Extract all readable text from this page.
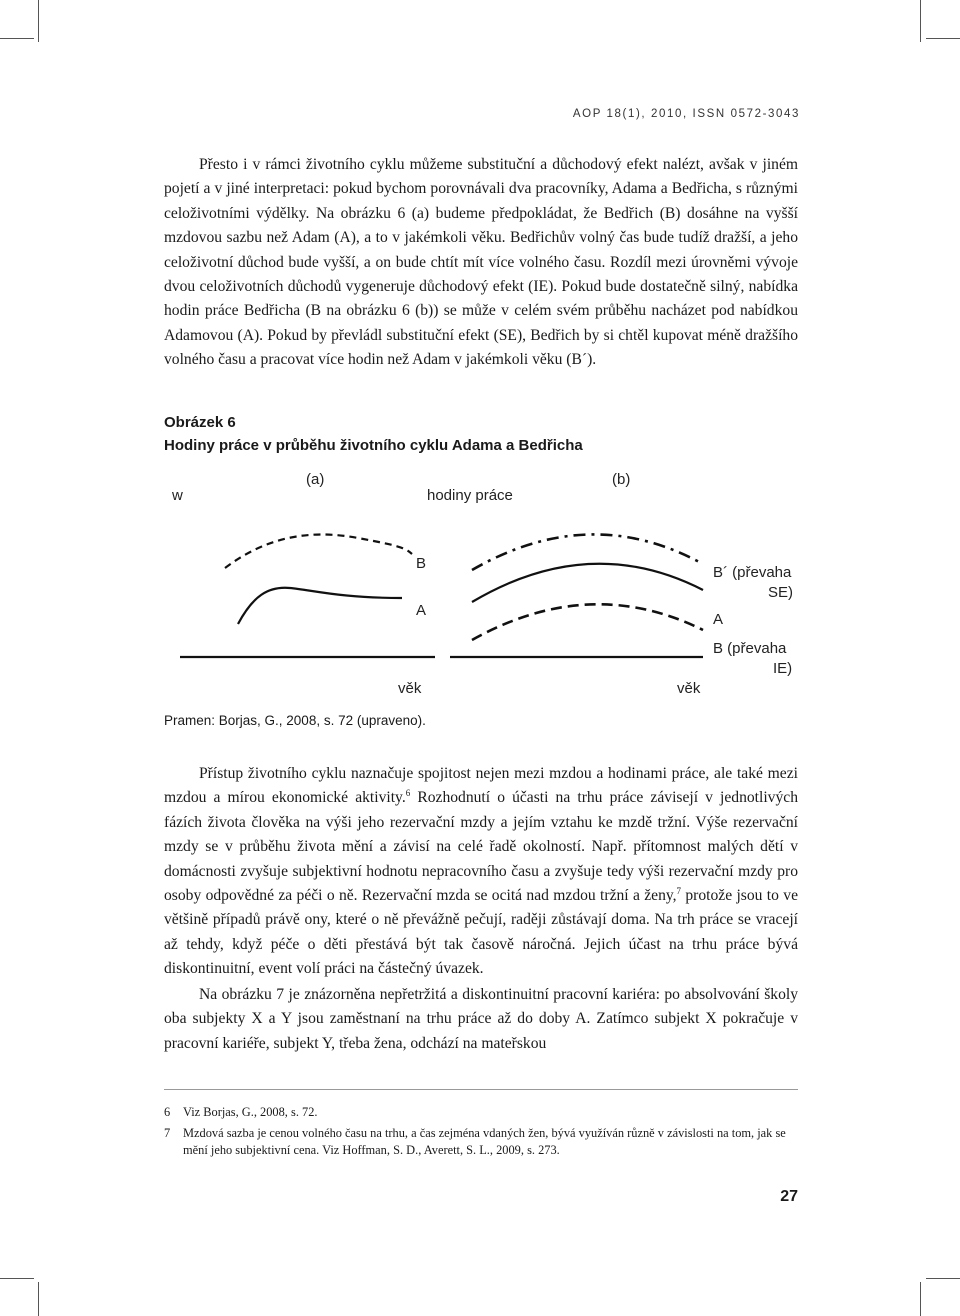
AOP 18(1), 2010, ISSN 0572-3043

Přesto i v rámci životního cyklu můžeme substituční a důchodový efekt nalézt, avšak v jiném pojetí a v jiné interpretaci: pokud bychom porovnávali dva pracovníky, Adama a Bedřicha, s různými celoživotními výdělky. Na obrázku 6 (a) budeme předpokládat, že Bedřich (B) dosáhne na vyšší mzdovou sazbu než Adam (A), a to v jakémkoli věku. Bedřichův volný čas bude tudíž dražší, a jeho celoživotní důchod bude vyšší, a on bude chtít mít více volného času. Rozdíl mezi úrovněmi vývoje dvou celoživotních důchodů vygeneruje důchodový efekt (IE). Pokud bude dostatečně silný, nabídka hodin práce Bedřicha (B na obrázku 6 (b)) se může v celém svém průběhu nacházet pod nabídkou Adamovou (A). Pokud by převládl substituční efekt (SE), Bedřich by si chtěl kupovat méně dražšího volného času a pracovat více hodin než Adam v jakémkoli věku (B´).

Obrázek 6
Hodiny práce v průběhu životního cyklu Adama a Bedřicha
w
(a)
B
A
věk
hodiny práce
(b)
B´ (převaha
SE)
A
B (převaha
IE)
věk
Pramen: Borjas, G., 2008, s. 72 (upraveno).

Přístup životního cyklu naznačuje spojitost nejen mezi mzdou a hodinami práce, ale také mezi mzdou a mírou ekonomické aktivity.$^6$ Rozhodnutí o účasti na trhu práce závisejí v jednotlivých fázích života člověka na výši jeho rezervační mzdy a jejím vztahu ke mzdě tržní. Výše rezervační mzdy se v průběhu života mění a závisí na celé řadě okolností. Např. přítomnost malých dětí v domácnosti zvyšuje subjektivní hodnotu nepracovního času a zvyšuje tedy výši rezervační mzdy pro osoby odpovědné za péči o ně. Rezervační mzda se ocitá nad mzdou tržní a ženy,$^7$ protože jsou to ve většině případů právě ony, které o ně převážně pečují, raději zůstávají doma. Na trh práce se vracejí až tehdy, když péče o děti přestává být tak časově náročná. Jejich účast na trhu práce bývá diskontinuitní, event volí práci na částečný úvazek.

Na obrázku 7 je znázorněna nepřetržitá a diskontinuitní pracovní kariéra: po absolvování školy oba subjekty X a Y jsou zaměstnaní na trhu práce až do doby A. Zatímco subjekt X pokračuje v pracovní kariéře, subjekt Y, třeba žena, odchází na mateřskou

6 Viz Borjas, G., 2008, s. 72.
7 Mzdová sazba je cenou volného času na trhu, a čas zejména vdaných žen, bývá využíván různě v závislosti na tom, jak se mění jeho subjektivní cena. Viz Hoffman, S. D., Averett, S. L., 2009, s. 273.
27
